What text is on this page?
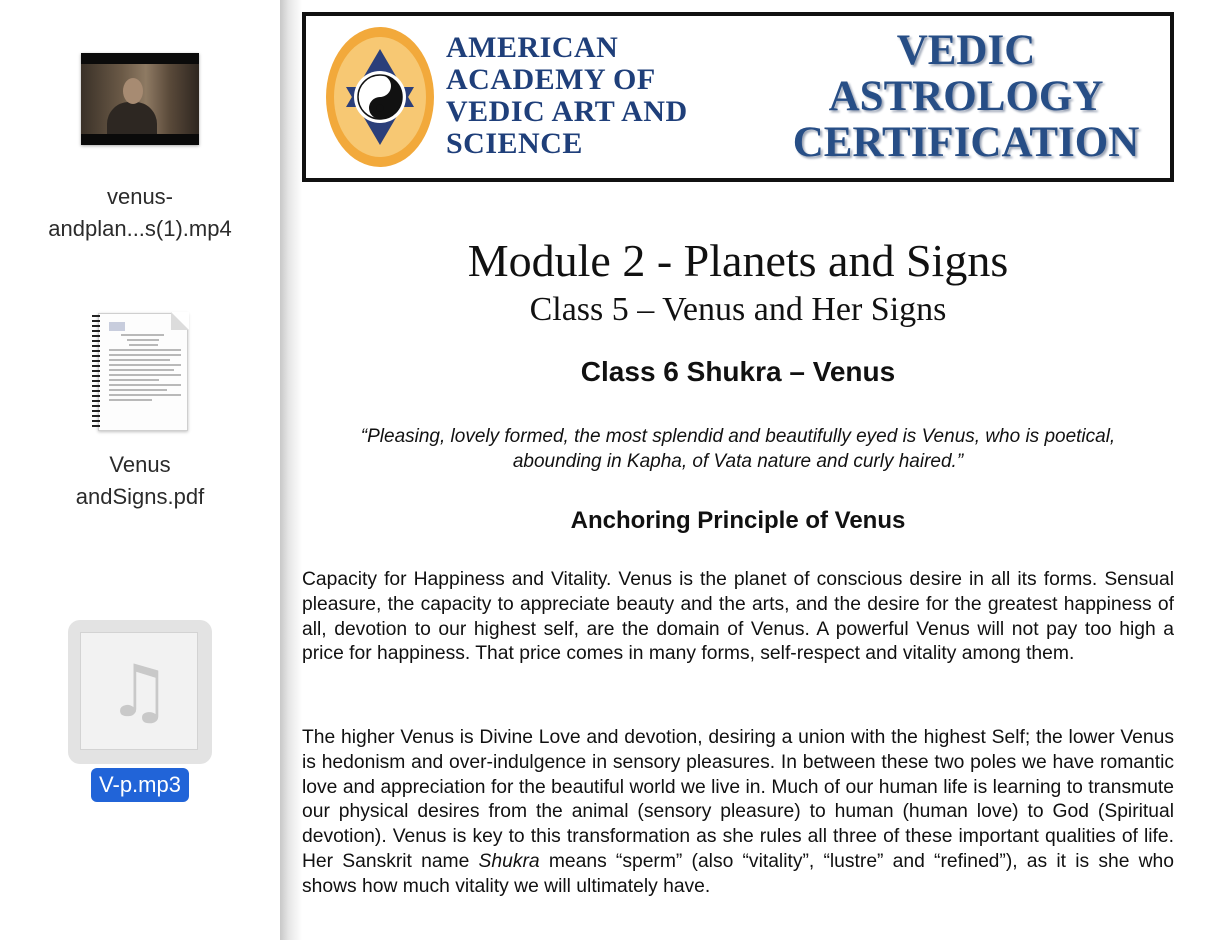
venus-
andplan...s(1).mp4
Venus
andSigns.pdf
♫
V-p.mp3
AMERICAN
ACADEMY OF
VEDIC ART AND
SCIENCE
VEDIC
ASTROLOGY
CERTIFICATION
Module 2 - Planets and Signs
Class 5 – Venus and Her Signs
Class 6 Shukra – Venus
“Pleasing, lovely formed, the most splendid and beautifully eyed is Venus, who is poetical,
abounding in Kapha, of Vata nature and curly haired.”
Anchoring Principle of Venus

Capacity for Happiness and Vitality. Venus is the planet of conscious desire in all its forms. Sensual pleasure, the capacity to appreciate beauty and the arts, and the desire for the greatest happiness of all, devotion to our highest self, are the domain of Venus. A powerful Venus will not pay too high a price for happiness. That price comes in many forms, self-respect and vitality among them.

The higher Venus is Divine Love and devotion, desiring a union with the highest Self; the lower Venus is hedonism and over-indulgence in sensory pleasures. In between these two poles we have romantic love and appreciation for the beautiful world we live in. Much of our human life is learning to transmute our physical desires from the animal (sensory pleasure) to human (human love) to God (Spiritual devotion). Venus is key to this transformation as she rules all three of these important qualities of life. Her Sanskrit name Shukra means “sperm” (also “vitality”, “lustre” and “refined”), as it is she who shows how much vitality we will ultimately have.
